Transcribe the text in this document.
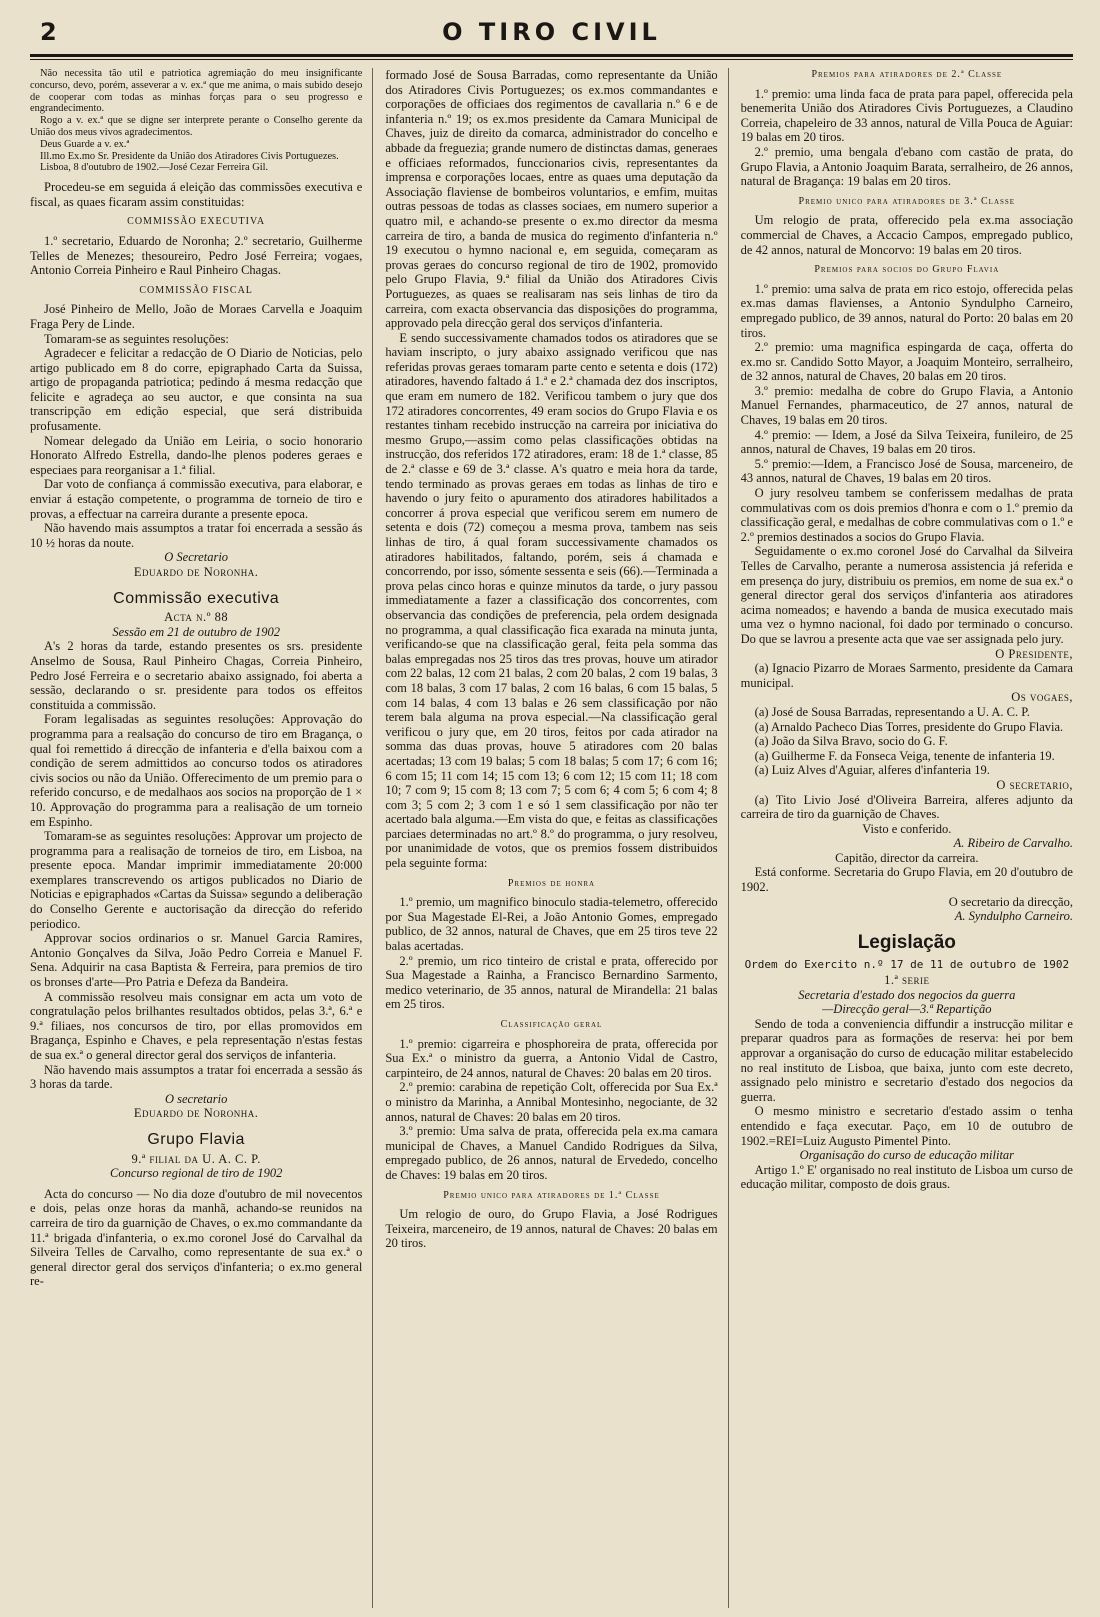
2	O TIRO CIVIL

Não necessita tão util e patriotica agremiação do meu insignificante concurso, devo, porém, asseverar a v. ex.ª que me anima, o mais subido desejo de cooperar com todas as minhas forças para o seu progresso e engrandecimento.

Rogo a v. ex.ª que se digne ser interprete perante o Conselho gerente da União dos meus vivos agradecimentos.

Deus Guarde a v. ex.ª

Ill.mo Ex.mo Sr. Presidente da União dos Atiradores Civis Portuguezes.

Lisboa, 8 d'outubro de 1902.—José Cezar Ferreira Gil.

Procedeu-se em seguida á eleição das commissões executiva e fiscal, as quaes ficaram assim constituidas:

COMMISSÃO EXECUTIVA

1.º secretario, Eduardo de Noronha; 2.º secretario, Guilherme Telles de Menezes; thesoureiro, Pedro José Ferreira; vogaes, Antonio Correia Pinheiro e Raul Pinheiro Chagas.

COMMISSÃO FISCAL

José Pinheiro de Mello, João de Moraes Carvella e Joaquim Fraga Pery de Linde.

Tomaram-se as seguintes resoluções:

Agradecer e felicitar a redacção de O Diario de Noticias, pelo artigo publicado em 8 do corre, epigraphado Carta da Suissa, artigo de propaganda patriotica; pedindo á mesma redacção que felicite e agradeça ao seu auctor, e que consinta na sua transcripção em edição especial, que será distribuida profusamente.

Nomear delegado da União em Leiria, o socio honorario Honorato Alfredo Estrella, dando-lhe plenos poderes geraes e especiaes para reorganisar a 1.ª filial.

Dar voto de confiança á commissão executiva, para elaborar, e enviar á estação competente, o programma de torneio de tiro e provas, a effectuar na carreira durante a presente epoca.

Não havendo mais assumptos a tratar foi encerrada a sessão ás 10 ½ horas da noute.

O Secretario

Eduardo de Noronha.

Commissão executiva

Acta n.º 88

Sessão em 21 de outubro de 1902

A's 2 horas da tarde, estando presentes os srs. presidente Anselmo de Sousa, Raul Pinheiro Chagas, Correia Pinheiro, Pedro José Ferreira e o secretario abaixo assignado, foi aberta a sessão, declarando o sr. presidente para todos os effeitos constituida a commissão.

Foram legalisadas as seguintes resoluções: Approvação do programma para a realsação do concurso de tiro em Bragança, o qual foi remettido á direcção de infanteria e d'ella baixou com a condição de serem admittidos ao concurso todos os atiradores civis socios ou não da União. Offerecimento de um premio para o referido concurso, e de medalhaos aos socios na proporção de 1 × 10. Approvação do programma para a realisação de um torneio em Espinho.

Tomaram-se as seguintes resoluções: Approvar um projecto de programma para a realisação de torneios de tiro, em Lisboa, na presente epoca. Mandar imprimir immediatamente 20:000 exemplares transcrevendo os artigos publicados no Diario de Noticias e epigraphados «Cartas da Suissa» segundo a deliberação do Conselho Gerente e auctorisação da direcção do referido periodico.

Approvar socios ordinarios o sr. Manuel Garcia Ramires, Antonio Gonçalves da Silva, João Pedro Correia e Manuel F. Sena. Adquirir na casa Baptista & Ferreira, para premios de tiro os bronses d'arte—Pro Patria e Defeza da Bandeira.

A commissão resolveu mais consignar em acta um voto de congratulação pelos brilhantes resultados obtidos, pelas 3.ª, 6.ª e 9.ª filiaes, nos concursos de tiro, por ellas promovidos em Bragança, Espinho e Chaves, e pela representação n'estas festas de sua ex.ª o general director geral dos serviços de infanteria.

Não havendo mais assumptos a tratar foi encerrada a sessão ás 3 horas da tarde.

O secretario

Eduardo de Noronha.

Grupo Flavia

9.ª filial da U. A. C. P.

Concurso regional de tiro de 1902

Acta do concurso — No dia doze d'outubro de mil novecentos e dois, pelas onze horas da manhã, achando-se reunidos na carreira de tiro da guarnição de Chaves, o ex.mo commandante da 11.ª brigada d'infanteria, o ex.mo coronel José do Carvalhal da Silveira Telles de Carvalho, como representante de sua ex.ª o general director geral dos serviços d'infanteria; o ex.mo general re-

formado José de Sousa Barradas, como representante da União dos Atiradores Civis Portuguezes; os ex.mos commandantes e corporações de officiaes dos regimentos de cavallaria n.º 6 e de infanteria n.º 19; os ex.mos presidente da Camara Municipal de Chaves, juiz de direito da comarca, administrador do concelho e abbade da freguezia; grande numero de distinctas damas, generaes e officiaes reformados, funccionarios civis, representantes da imprensa e corporações locaes, entre as quaes uma deputação da Associação flaviense de bombeiros voluntarios, e emfim, muitas outras pessoas de todas as classes sociaes, em numero superior a quatro mil, e achando-se presente o ex.mo director da mesma carreira de tiro, a banda de musica do regimento d'infanteria n.º 19 executou o hymno nacional e, em seguida, começaram as provas geraes do concurso regional de tiro de 1902, promovido pelo Grupo Flavia, 9.ª filial da União dos Atiradores Civis Portuguezes, as quaes se realisaram nas seis linhas de tiro da carreira, com exacta observancia das disposições do programma, approvado pela direcção geral dos serviços d'infanteria.

E sendo successivamente chamados todos os atiradores que se haviam inscripto, o jury abaixo assignado verificou que nas referidas provas geraes tomaram parte cento e setenta e dois (172) atiradores, havendo faltado á 1.ª e 2.ª chamada dez dos inscriptos, que eram em numero de 182. Verificou tambem o jury que dos 172 atiradores concorrentes, 49 eram socios do Grupo Flavia e os restantes tinham recebido instrucção na carreira por iniciativa do mesmo Grupo,—assim como pelas classificações obtidas na instrucção, dos referidos 172 atiradores, eram: 18 de 1.ª classe, 85 de 2.ª classe e 69 de 3.ª classe. A's quatro e meia hora da tarde, tendo terminado as provas geraes em todas as linhas de tiro e havendo o jury feito o apuramento dos atiradores habilitados a concorrer á prova especial que verificou serem em numero de setenta e dois (72) começou a mesma prova, tambem nas seis linhas de tiro, á qual foram successivamente chamados os atiradores habilitados, faltando, porém, seis á chamada e concorrendo, por isso, sómente sessenta e seis (66).—Terminada a prova pelas cinco horas e quinze minutos da tarde, o jury passou immediatamente a fazer a classificação dos concorrentes, com observancia das condições de preferencia, pela ordem designada no programma, a qual classificação fica exarada na minuta junta, verificando-se que na classificação geral, feita pela somma das balas empregadas nos 25 tiros das tres provas, houve um atirador com 22 balas, 12 com 21 balas, 2 com 20 balas, 2 com 19 balas, 3 com 18 balas, 3 com 17 balas, 2 com 16 balas, 6 com 15 balas, 5 com 14 balas, 4 com 13 balas e 26 sem classificação por não terem bala alguma na prova especial.—Na classificação geral verificou o jury que, em 20 tiros, feitos por cada atirador na somma das duas provas, houve 5 atiradores com 20 balas acertadas; 13 com 19 balas; 5 com 18 balas; 5 com 17; 6 com 16; 6 com 15; 11 com 14; 15 com 13; 6 com 12; 15 com 11; 18 com 10; 7 com 9; 15 com 8; 13 com 7; 5 com 6; 4 com 5; 6 com 4; 8 com 3; 5 com 2; 3 com 1 e só 1 sem classificação por não ter acertado bala alguma.—Em vista do que, e feitas as classificações parciaes determinadas no art.º 8.º do programma, o jury resolveu, por unanimidade de votos, que os premios fossem distribuidos pela seguinte forma:

Premios de honra

1.º premio, um magnifico binoculo stadia-telemetro, offerecido por Sua Magestade El-Rei, a João Antonio Gomes, empregado publico, de 32 annos, natural de Chaves, que em 25 tiros teve 22 balas acertadas.

2.º premio, um rico tinteiro de cristal e prata, offerecido por Sua Magestade a Rainha, a Francisco Bernardino Sarmento, medico veterinario, de 35 annos, natural de Mirandella: 21 balas em 25 tiros.

Classificação geral

1.º premio: cigarreira e phosphoreira de prata, offerecida por Sua Ex.ª o ministro da guerra, a Antonio Vidal de Castro, carpinteiro, de 24 annos, natural de Chaves: 20 balas em 20 tiros.

2.º premio: carabina de repetição Colt, offerecida por Sua Ex.ª o ministro da Marinha, a Annibal Montesinho, negociante, de 32 annos, natural de Chaves: 20 balas em 20 tiros.

3.º premio: Uma salva de prata, offerecida pela ex.ma camara municipal de Chaves, a Manuel Candido Rodrigues da Silva, empregado publico, de 26 annos, natural de Ervededo, concelho de Chaves: 19 balas em 20 tiros.

Premio unico para atiradores de 1.ª Classe

Um relogio de ouro, do Grupo Flavia, a José Rodrigues Teixeira, marceneiro, de 19 annos, natural de Chaves: 20 balas em 20 tiros.

Premios para atiradores de 2.ª Classe

1.º premio: uma linda faca de prata para papel, offerecida pela benemerita União dos Atiradores Civis Portuguezes, a Claudino Correia, chapeleiro de 33 annos, natural de Villa Pouca de Aguiar: 19 balas em 20 tiros.

2.º premio, uma bengala d'ebano com castão de prata, do Grupo Flavia, a Antonio Joaquim Barata, serralheiro, de 26 annos, natural de Bragança: 19 balas em 20 tiros.

Premio unico para atiradores de 3.ª Classe

Um relogio de prata, offerecido pela ex.ma associação commercial de Chaves, a Accacio Campos, empregado publico, de 42 annos, natural de Moncorvo: 19 balas em 20 tiros.

Premios para socios do Grupo Flavia

1.º premio: uma salva de prata em rico estojo, offerecida pelas ex.mas damas flavienses, a Antonio Syndulpho Carneiro, empregado publico, de 39 annos, natural do Porto: 20 balas em 20 tiros.

2.º premio: uma magnifica espingarda de caça, offerta do ex.mo sr. Candido Sotto Mayor, a Joaquim Monteiro, serralheiro, de 32 annos, natural de Chaves, 20 balas em 20 tiros.

3.º premio: medalha de cobre do Grupo Flavia, a Antonio Manuel Fernandes, pharmaceutico, de 27 annos, natural de Chaves, 19 balas em 20 tiros.

4.º premio: — Idem, a José da Silva Teixeira, funileiro, de 25 annos, natural de Chaves, 19 balas em 20 tiros.

5.º premio:—Idem, a Francisco José de Sousa, marceneiro, de 43 annos, natural de Chaves, 19 balas em 20 tiros.

O jury resolveu tambem se conferissem medalhas de prata commulativas com os dois premios d'honra e com o 1.º premio da classificação geral, e medalhas de cobre commulativas com o 1.º e 2.º premios destinados a socios do Grupo Flavia.

Seguidamente o ex.mo coronel José do Carvalhal da Silveira Telles de Carvalho, perante a numerosa assistencia já referida e em presença do jury, distribuiu os premios, em nome de sua ex.ª o general director geral dos serviços d'infanteria aos atiradores acima nomeados; e havendo a banda de musica executado mais uma vez o hymno nacional, foi dado por terminado o concurso. Do que se lavrou a presente acta que vae ser assignada pelo jury.

O Presidente,

(a) Ignacio Pizarro de Moraes Sarmento, presidente da Camara municipal.

Os vogaes,

(a) José de Sousa Barradas, representando a U. A. C. P.

(a) Arnaldo Pacheco Dias Torres, presidente do Grupo Flavia.

(a) João da Silva Bravo, socio do G. F.

(a) Guilherme F. da Fonseca Veiga, tenente de infanteria 19.

(a) Luiz Alves d'Aguiar, alferes d'infanteria 19.

O secretario,

(a) Tito Livio José d'Oliveira Barreira, alferes adjunto da carreira de tiro da guarnição de Chaves.

Visto e conferido.

A. Ribeiro de Carvalho.

Capitão, director da carreira.

Está conforme. Secretaria do Grupo Flavia, em 20 d'outubro de 1902.

O secretario da direcção,

A. Syndulpho Carneiro.

Legislação

Ordem do Exercito n.º 17 de 11 de outubro de 1902

1.ª serie

Secretaria d'estado dos negocios da guerra

—Direcção geral—3.ª Repartição

Sendo de toda a conveniencia diffundir a instrucção militar e preparar quadros para as formações de reserva: hei por bem approvar a organisação do curso de educação militar estabelecido no real instituto de Lisboa, que baixa, junto com este decreto, assignado pelo ministro e secretario d'estado dos negocios da guerra.

O mesmo ministro e secretario d'estado assim o tenha entendido e faça executar. Paço, em 10 de outubro de 1902.=REI=Luiz Augusto Pimentel Pinto.

Organisação do curso de educação militar

Artigo 1.º E' organisado no real instituto de Lisboa um curso de educação militar, composto de dois graus.
